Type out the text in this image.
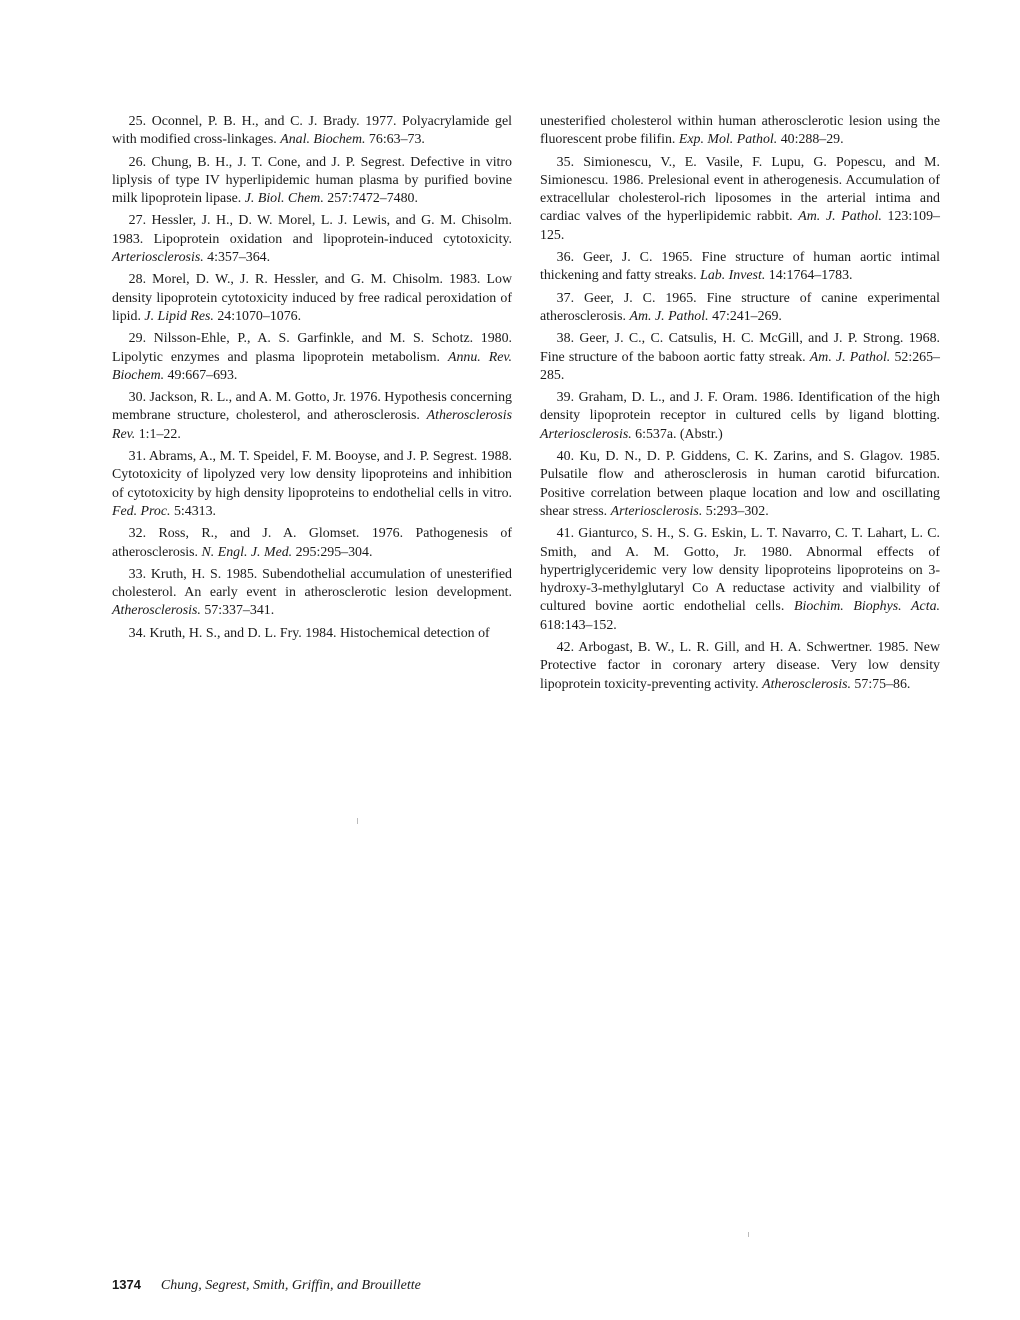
25. Oconnel, P. B. H., and C. J. Brady. 1977. Polyacrylamide gel with modified cross-linkages. Anal. Biochem. 76:63–73.

26. Chung, B. H., J. T. Cone, and J. P. Segrest. Defective in vitro liplysis of type IV hyperlipidemic human plasma by purified bovine milk lipoprotein lipase. J. Biol. Chem. 257:7472–7480.

27. Hessler, J. H., D. W. Morel, L. J. Lewis, and G. M. Chisolm. 1983. Lipoprotein oxidation and lipoprotein-induced cytotoxicity. Arteriosclerosis. 4:357–364.

28. Morel, D. W., J. R. Hessler, and G. M. Chisolm. 1983. Low density lipoprotein cytotoxicity induced by free radical peroxidation of lipid. J. Lipid Res. 24:1070–1076.

29. Nilsson-Ehle, P., A. S. Garfinkle, and M. S. Schotz. 1980. Lipolytic enzymes and plasma lipoprotein metabolism. Annu. Rev. Biochem. 49:667–693.

30. Jackson, R. L., and A. M. Gotto, Jr. 1976. Hypothesis concerning membrane structure, cholesterol, and atherosclerosis. Atherosclerosis Rev. 1:1–22.

31. Abrams, A., M. T. Speidel, F. M. Booyse, and J. P. Segrest. 1988. Cytotoxicity of lipolyzed very low density lipoproteins and inhibition of cytotoxicity by high density lipoproteins to endothelial cells in vitro. Fed. Proc. 5:4313.

32. Ross, R., and J. A. Glomset. 1976. Pathogenesis of atherosclerosis. N. Engl. J. Med. 295:295–304.

33. Kruth, H. S. 1985. Subendothelial accumulation of unesterified cholesterol. An early event in atherosclerotic lesion development. Atherosclerosis. 57:337–341.

34. Kruth, H. S., and D. L. Fry. 1984. Histochemical detection of

unesterified cholesterol within human atherosclerotic lesion using the fluorescent probe filifin. Exp. Mol. Pathol. 40:288–29.

35. Simionescu, V., E. Vasile, F. Lupu, G. Popescu, and M. Simionescu. 1986. Prelesional event in atherogenesis. Accumulation of extracellular cholesterol-rich liposomes in the arterial intima and cardiac valves of the hyperlipidemic rabbit. Am. J. Pathol. 123:109–125.

36. Geer, J. C. 1965. Fine structure of human aortic intimal thickening and fatty streaks. Lab. Invest. 14:1764–1783.

37. Geer, J. C. 1965. Fine structure of canine experimental atherosclerosis. Am. J. Pathol. 47:241–269.

38. Geer, J. C., C. Catsulis, H. C. McGill, and J. P. Strong. 1968. Fine structure of the baboon aortic fatty streak. Am. J. Pathol. 52:265–285.

39. Graham, D. L., and J. F. Oram. 1986. Identification of the high density lipoprotein receptor in cultured cells by ligand blotting. Arteriosclerosis. 6:537a. (Abstr.)

40. Ku, D. N., D. P. Giddens, C. K. Zarins, and S. Glagov. 1985. Pulsatile flow and atherosclerosis in human carotid bifurcation. Positive correlation between plaque location and low and oscillating shear stress. Arteriosclerosis. 5:293–302.

41. Gianturco, S. H., S. G. Eskin, L. T. Navarro, C. T. Lahart, L. C. Smith, and A. M. Gotto, Jr. 1980. Abnormal effects of hypertriglyceridemic very low density lipoproteins lipoproteins on 3-hydroxy-3-methylglutaryl Co A reductase activity and vialbility of cultured bovine aortic endothelial cells. Biochim. Biophys. Acta. 618:143–152.

42. Arbogast, B. W., L. R. Gill, and H. A. Schwertner. 1985. New Protective factor in coronary artery disease. Very low density lipoprotein toxicity-preventing activity. Atherosclerosis. 57:75–86.

1374 Chung, Segrest, Smith, Griffin, and Brouillette
